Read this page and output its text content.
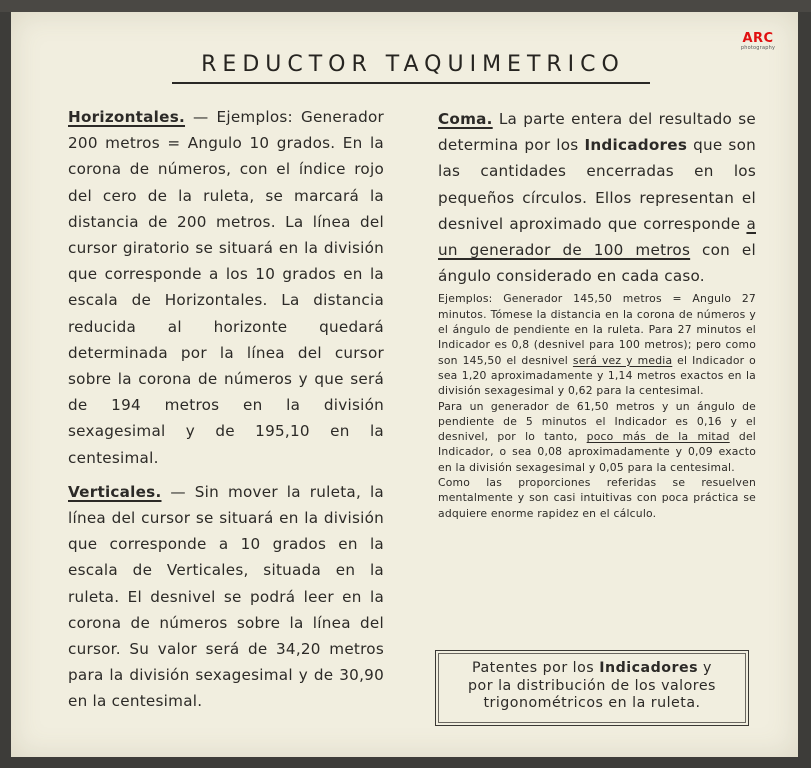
ARC
photography
REDUCTOR TAQUIMETRICO

Horizontales. — Ejemplos: Generador 200 metros = Angulo 10 grados. En la corona de números, con el índice rojo del cero de la ruleta, se marcará la distancia de 200 metros. La línea del cursor giratorio se situará en la división que corresponde a los 10 grados en la escala de Horizontales. La distancia reducida al horizonte quedará determinada por la línea del cursor sobre la corona de números y que será de 194 metros en la división sexagesimal y de 195,10 en la centesimal.

Verticales. — Sin mover la ruleta, la línea del cursor se situará en la división que corresponde a 10 grados en la escala de Verticales, situada en la ruleta. El desnivel se podrá leer en la corona de números sobre la línea del cursor. Su valor será de 34,20 metros para la división sexagesimal y de 30,90 en la centesimal.

Coma. La parte entera del resultado se determina por los Indicadores que son las cantidades encerradas en los pequeños círculos. Ellos representan el desnivel aproximado que corresponde a un generador de 100 metros con el ángulo considerado en cada caso.

Ejemplos: Generador 145,50 metros = Angulo 27 minutos. Tómese la distancia en la corona de números y el ángulo de pendiente en la ruleta. Para 27 minutos el Indicador es 0,8 (desnivel para 100 metros); pero como son 145,50 el desnivel será vez y media el Indicador o sea 1,20 aproximadamente y 1,14 metros exactos en la división sexagesimal y 0,62 para la centesimal.

Para un generador de 61,50 metros y un ángulo de pendiente de 5 minutos el Indicador es 0,16 y el desnivel, por lo tanto, poco más de la mitad del Indicador, o sea 0,08 aproximadamente y 0,09 exacto en la división sexagesimal y 0,05 para la centesimal.

Como las proporciones referidas se resuelven mentalmente y son casi intuitivas con poca práctica se adquiere enorme rapidez en el cálculo.

Patentes por los Indicadores y
por la distribución de los valores
trigonométricos en la ruleta.
